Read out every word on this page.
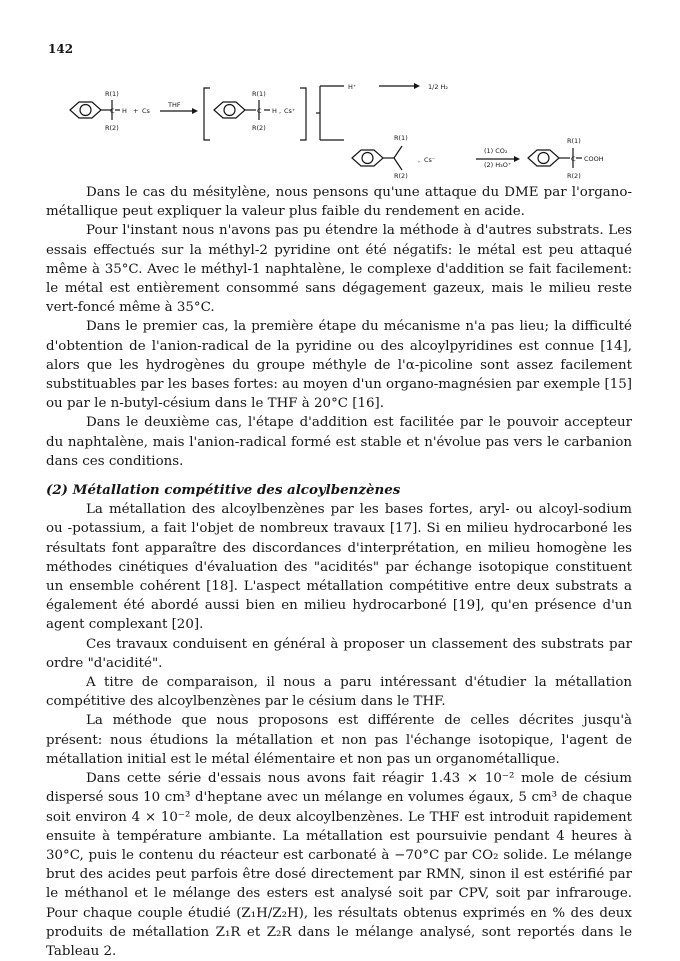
142
R(1)
R(2)
C H + Cs
THF
R(1)
R(2)
C H , Cs⁺
H⁺	1/2 H₂
R(1)
R(2)
, Cs⁻
(1) CO₂
(2) H₃O⁺
R(1)
R(2)
C COOH

Dans le cas du mésitylène, nous pensons qu'une attaque du DME par l'organo-métallique peut expliquer la valeur plus faible du rendement en acide.

Pour l'instant nous n'avons pas pu étendre la méthode à d'autres substrats. Les essais effectués sur la méthyl-2 pyridine ont été négatifs: le métal est peu attaqué même à 35°C. Avec le méthyl-1 naphtalène, le complexe d'addition se fait facilement: le métal est entièrement consommé sans dégagement gazeux, mais le milieu reste vert-foncé même à 35°C.

Dans le premier cas, la première étape du mécanisme n'a pas lieu; la difficulté d'obtention de l'anion-radical de la pyridine ou des alcoylpyridines est connue [14], alors que les hydrogènes du groupe méthyle de l'α-picoline sont assez facilement substituables par les bases fortes: au moyen d'un organo-magnésien par exemple [15] ou par le n-butyl-césium dans le THF à 20°C [16].

Dans le deuxième cas, l'étape d'addition est facilitée par le pouvoir accepteur du naphtalène, mais l'anion-radical formé est stable et n'évolue pas vers le carbanion dans ces conditions.

(2) Métallation compétitive des alcoylbenzènes

La métallation des alcoylbenzènes par les bases fortes, aryl- ou alcoyl-sodium ou -potassium, a fait l'objet de nombreux travaux [17]. Si en milieu hydrocarboné les résultats font apparaître des discordances d'interprétation, en milieu homogène les méthodes cinétiques d'évaluation des "acidités" par échange isotopique constituent un ensemble cohérent [18]. L'aspect métallation compétitive entre deux substrats a également été abordé aussi bien en milieu hydrocarboné [19], qu'en présence d'un agent complexant [20].

Ces travaux conduisent en général à proposer un classement des substrats par ordre "d'acidité".

A titre de comparaison, il nous a paru intéressant d'étudier la métallation compétitive des alcoylbenzènes par le césium dans le THF.

La méthode que nous proposons est différente de celles décrites jusqu'à présent: nous étudions la métallation et non pas l'échange isotopique, l'agent de métallation initial est le métal élémentaire et non pas un organométallique.

Dans cette série d'essais nous avons fait réagir 1.43 × 10⁻² mole de césium dispersé sous 10 cm³ d'heptane avec un mélange en volumes égaux, 5 cm³ de chaque soit environ 4 × 10⁻² mole, de deux alcoylbenzènes. Le THF est introduit rapidement ensuite à température ambiante. La métallation est poursuivie pendant 4 heures à 30°C, puis le contenu du réacteur est carbonaté à −70°C par CO₂ solide. Le mélange brut des acides peut parfois être dosé directement par RMN, sinon il est estérifié par le méthanol et le mélange des esters est analysé soit par CPV, soit par infrarouge. Pour chaque couple étudié (Z₁H/Z₂H), les résultats obtenus exprimés en % des deux produits de métallation Z₁R et Z₂R dans le mélange analysé, sont reportés dans le Tableau 2.
